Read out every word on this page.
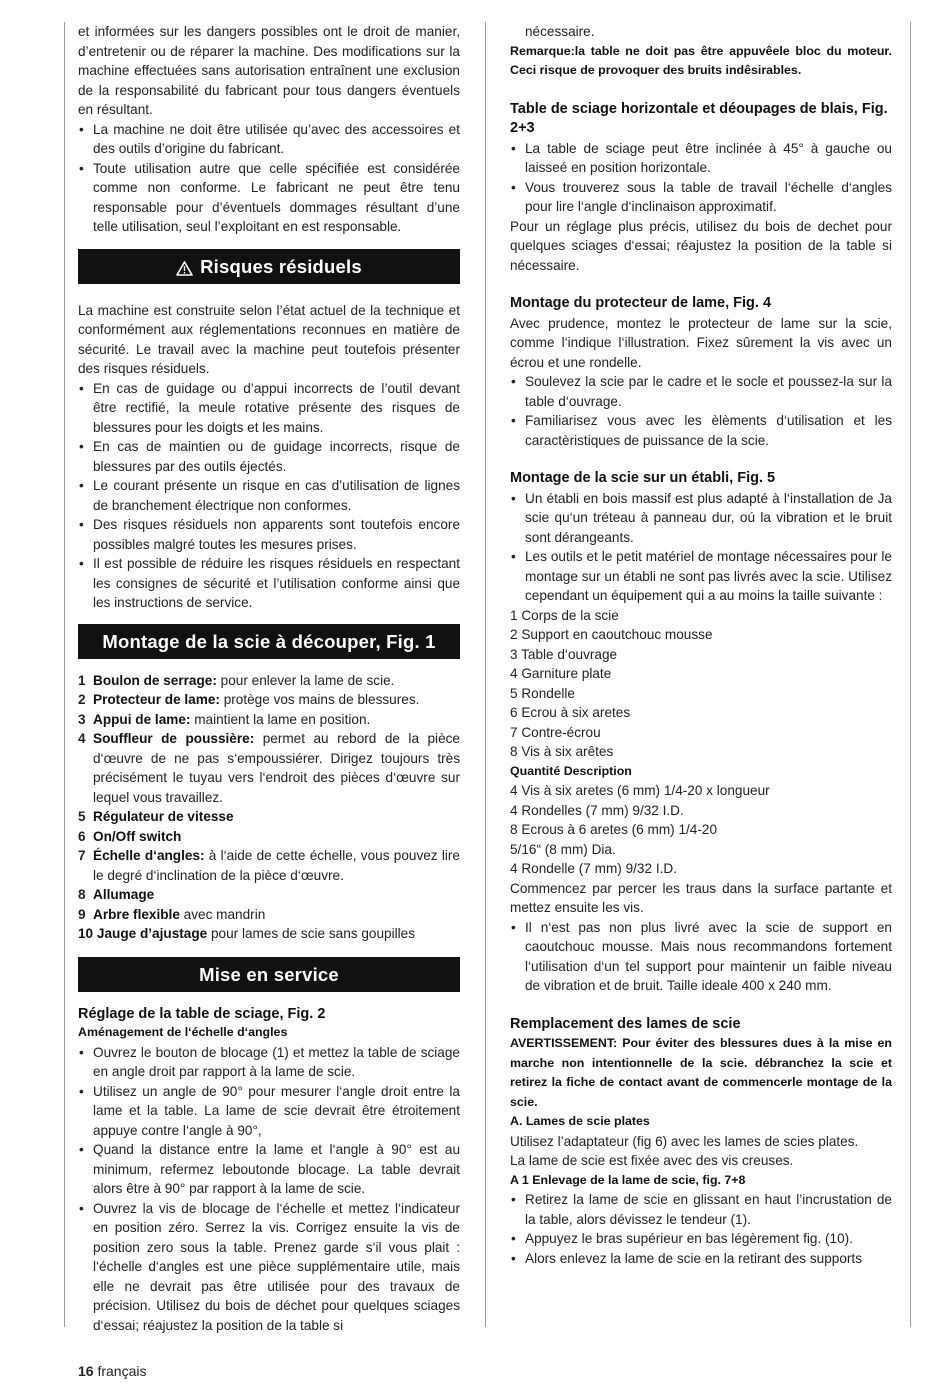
et informées sur les dangers possibles ont le droit de manier, d’entretenir ou de réparer la machine. Des modifications sur la machine effectuées sans autorisation entraînent une exclusion de la responsabilité du fabricant pour tous dangers éventuels en résultant.

• La machine ne doit être utilisée qu’avec des accessoires et des outils d’origine du fabricant.
• Toute utilisation autre que celle spécifiée est considérée comme non conforme. Le fabricant ne peut être tenu responsable pour d’éventuels dommages résultant d’une telle utilisation, seul l’exploitant en est responsable.
Risques résiduels

La machine est construite selon l’état actuel de la technique et conformément aux réglementations reconnues en matière de sécurité. Le travail avec la machine peut toutefois présenter des risques résiduels.

• En cas de guidage ou d’appui incorrects de l’outil devant être rectifié, la meule rotative présente des risques de blessures pour les doigts et les mains.
• En cas de maintien ou de guidage incorrects, risque de blessures par des outils éjectés.
• Le courant présente un risque en cas d’utilisation de lignes de branchement électrique non conformes.
• Des risques résiduels non apparents sont toutefois encore possibles malgré toutes les mesures prises.
• Il est possible de réduire les risques résiduels en respectant les consignes de sécurité et l’utilisation conforme ainsi que les instructions de service.
Montage de la scie à découper, Fig. 1
1 Boulon de serrage: pour enlever la lame de scie.
2 Protecteur de lame: protège vos mains de blessures.
3 Appui de lame: maintient la lame en position.
4 Souffleur de poussière: permet au rebord de la pièce d‘œuvre de ne pas s‘empoussiérer. Dirigez toujours très précisément le tuyau vers l‘endroit des pièces d‘œuvre sur lequel vous travaillez.
5 Régulateur de vitesse
6 On/Off switch
7 Échelle d‘angles: à l‘aide de cette échelle, vous pouvez lire le degré d‘inclination de la pièce d‘œuvre.
8 Allumage
9 Arbre flexible avec mandrin
10 Jauge d’ajustage pour lames de scie sans goupilles
Mise en service
Réglage de la table de sciage, Fig. 2
Aménagement de l‘échelle d‘angles
• Ouvrez le bouton de blocage (1) et mettez la table de sciage en angle droit par rapport à la lame de scie.
• Utilisez un angle de 90° pour mesurer l‘angle droit entre la lame et la table. La lame de scie devrait être étroitement appuye contre l‘angle à 90°,
• Quand la distance entre la lame et l‘angle à 90° est au minimum, refermez leboutonde blocage. La table devrait alors être à 90° par rapport à la lame de scie.
• Ouvrez la vis de blocage de l‘échelle et mettez l‘indicateur en position zéro. Serrez la vis. Corrigez ensuite la vis de position zero sous la table. Prenez garde s‘il vous plait : l‘échelle d‘angles est une pièce supplémentaire utile, mais elle ne devrait pas être utilisée pour des travaux de précision. Utilisez du bois de déchet pour quelques sciages d‘essai; réajustez la position de la table si

nécessaire.

Remarque:la table ne doit pas être appuvêele bloc du moteur. Ceci risque de provoquer des bruits indêsirables.
Table de sciage horizontale et déoupages de blais, Fig. 2+3
• La table de sciage peut être inclinée à 45° à gauche ou laisseé en position horizontale.
• Vous trouverez sous la table de travail l‘échelle d‘angles pour lire l‘angle d‘inclinaison approximatif.

Pour un réglage plus précis, utilisez du bois de dechet pour quelques sciages d‘essai; réajustez la position de la table si nécessaire.

Montage du protecteur de lame, Fig. 4

Avec prudence, montez le protecteur de lame sur la scie, comme l‘indique l‘illustration. Fixez sûrement la vis avec un écrou et une rondelle.

• Soulevez la scie par le cadre et le socle et poussez-la sur la table d‘ouvrage.
• Familiarisez vous avec les èlèments d‘utilisation et les caractèristiques de puissance de la scie.
Montage de la scie sur un établi, Fig. 5
• Un établi en bois massif est plus adapté à l‘installation de Ja scie qu‘un tréteau à panneau dur, oú la vibration et le bruit sont dérangeants.
• Les outils et le petit matériel de montage nécessaires pour le montage sur un établi ne sont pas livrés avec la scie. Utilisez cependant un équipement qui a au moins la taille suivante :
1 Corps de la scie
2 Support en caoutchouc mousse
3 Table d‘ouvrage
4 Garniture plate
5 Rondelle
6 Ecrou à six aretes
7 Contre-écrou
8 Vis à six arêtes
Quantité Description
4 Vis à six aretes (6 mm) 1/4-20 x longueur
4 Rondelles (7 mm) 9/32 I.D.
8 Ecrous à 6 aretes (6 mm) 1/4-20
5/16“ (8 mm) Dia.
4 Rondelle (7 mm) 9/32 I.D.

Commencez par percer les traus dans la surface partante et mettez ensuite les vis.

• Il n‘est pas non plus livré avec la scie de support en caoutchouc mousse. Mais nous recommandons fortement l‘utilisation d‘un tel support pour maintenir un faible niveau de vibration et de bruit. Taille ideale 400 x 240 mm.
Remplacement des lames de scie
AVERTISSEMENT: Pour éviter des blessures dues à la mise en marche non intentionnelle de la scie. débranchez la scie et retirez la fiche de contact avant de commencerle montage de la scie.
A. Lames de scie plates

Utilisez l’adaptateur (fig 6) avec les lames de scies plates.

La lame de scie est fixée avec des vis creuses.

A 1 Enlevage de la lame de scie, fig. 7+8
• Retirez la lame de scie en glissant en haut l’incrustation de la table, alors dévissez le tendeur (1).
• Appuyez le bras supérieur en bas légèrement fig. (10).
• Alors enlevez la lame de scie en la retirant des supports
16 français
